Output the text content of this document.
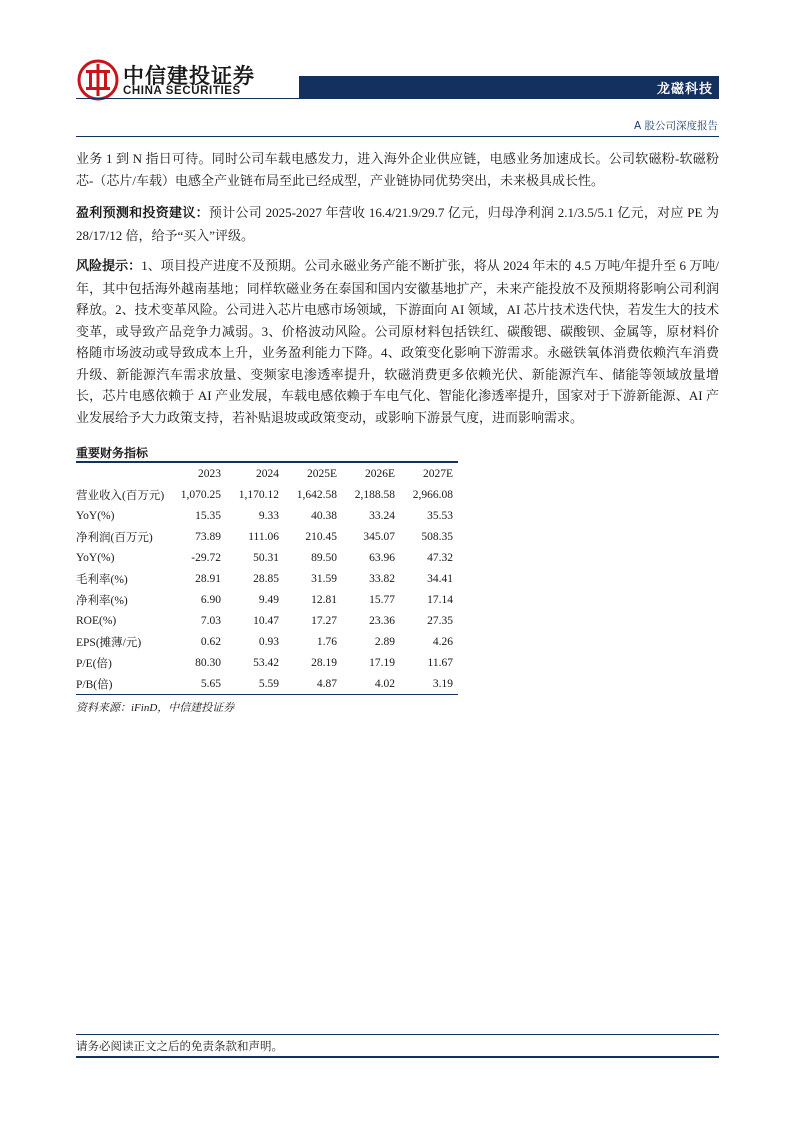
中信建投证券
CHINA SECURITIES	龙磁科技
A 股公司深度报告
业务 1 到 N 指日可待。同时公司车载电感发力，进入海外企业供应链，电感业务加速成长。公司软磁粉-软磁粉芯-（芯片/车载）电感全产业链布局至此已经成型，产业链协同优势突出，未来极具成长性。
盈利预测和投资建议：预计公司 2025-2027 年营收 16.4/21.9/29.7 亿元，归母净利润 2.1/3.5/5.1 亿元，对应 PE 为 28/17/12 倍，给予“买入”评级。
风险提示：1、项目投产进度不及预期。公司永磁业务产能不断扩张，将从 2024 年末的 4.5 万吨/年提升至 6 万吨/年，其中包括海外越南基地；同样软磁业务在泰国和国内安徽基地扩产，未来产能投放不及预期将影响公司利润释放。2、技术变革风险。公司进入芯片电感市场领域，下游面向 AI 领域，AI 芯片技术迭代快，若发生大的技术变革，或导致产品竞争力减弱。3、价格波动风险。公司原材料包括铁红、碳酸锶、碳酸钡、金属等，原材料价格随市场波动或导致成本上升，业务盈利能力下降。4、政策变化影响下游需求。永磁铁氧体消费依赖汽车消费升级、新能源汽车需求放量、变频家电渗透率提升，软磁消费更多依赖光伏、新能源汽车、储能等领域放量增长，芯片电感依赖于 AI 产业发展，车载电感依赖于车电气化、智能化渗透率提升，国家对于下游新能源、AI 产业发展给予大力政策支持，若补贴退坡或政策变动，或影响下游景气度，进而影响需求。
重要财务指标
	2023	2024	2025E	2026E	2027E
营业收入(百万元)	1,070.25	1,170.12	1,642.58	2,188.58	2,966.08
YoY(%)	15.35	9.33	40.38	33.24	35.53
净利润(百万元)	73.89	111.06	210.45	345.07	508.35
YoY(%)	-29.72	50.31	89.50	63.96	47.32
毛利率(%)	28.91	28.85	31.59	33.82	34.41
净利率(%)	6.90	9.49	12.81	15.77	17.14
ROE(%)	7.03	10.47	17.27	23.36	27.35
EPS(摊薄/元)	0.62	0.93	1.76	2.89	4.26
P/E(倍)	80.30	53.42	28.19	17.19	11.67
P/B(倍)	5.65	5.59	4.87	4.02	3.19
资料来源：iFinD，中信建投证券
请务必阅读正文之后的免责条款和声明。
